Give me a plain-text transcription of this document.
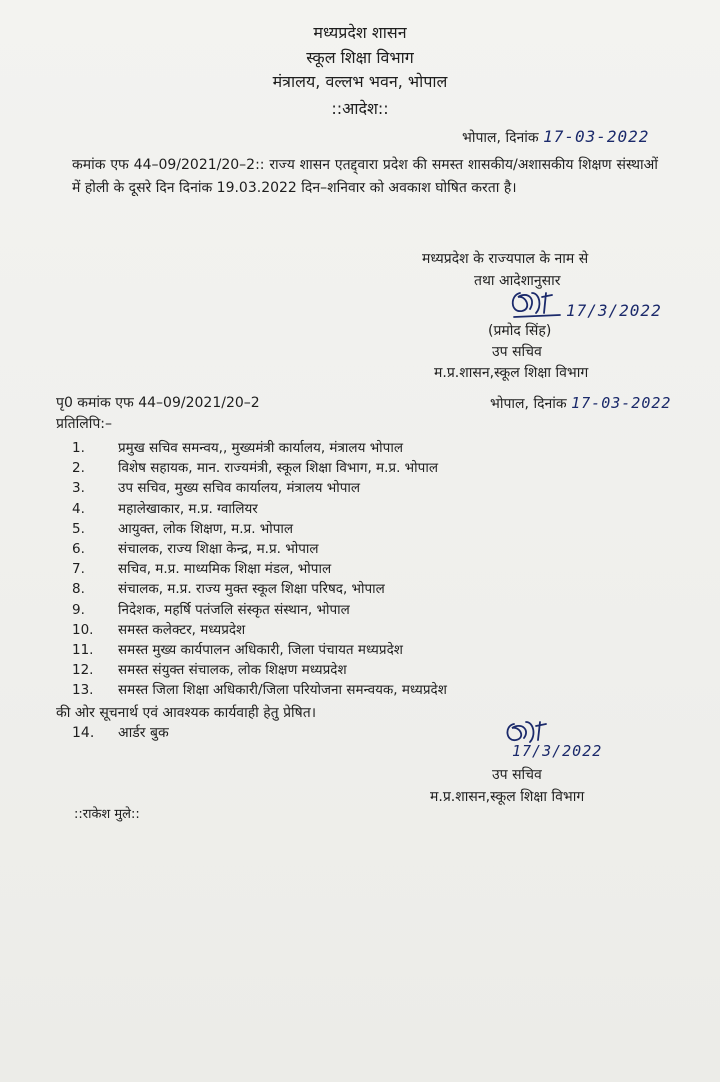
मध्यप्रदेश शासन
स्कूल शिक्षा विभाग
मंत्रालय, वल्लभ भवन, भोपाल
::आदेश::
भोपाल, दिनांक 17-03-2022
कमांक एफ 44–09/2021/20–2:: राज्य शासन एतद्द्वारा प्रदेश की समस्त शासकीय/अशासकीय शिक्षण संस्थाओं में होली के दूसरे दिन दिनांक 19.03.2022 दिन–शनिवार को अवकाश घोषित करता है।
मध्यप्रदेश के राज्यपाल के नाम से
तथा आदेशानुसार
17/3/2022
(प्रमोद सिंह)
उप सचिव
म.प्र.शासन,स्कूल शिक्षा विभाग
पृ0 कमांक एफ 44–09/2021/20–2	भोपाल, दिनांक 17-03-2022
प्रतिलिपि:–
1.	प्रमुख सचिव समन्वय,, मुख्यमंत्री कार्यालय, मंत्रालय भोपाल
2.	विशेष सहायक, मान. राज्यमंत्री, स्कूल शिक्षा विभाग, म.प्र. भोपाल
3.	उप सचिव, मुख्य सचिव कार्यालय, मंत्रालय भोपाल
4.	महालेखाकार, म.प्र. ग्वालियर
5.	आयुक्त, लोक शिक्षण, म.प्र. भोपाल
6.	संचालक, राज्य शिक्षा केन्द्र, म.प्र. भोपाल
7.	सचिव, म.प्र. माध्यमिक शिक्षा मंडल, भोपाल
8.	संचालक, म.प्र. राज्य मुक्त स्कूल शिक्षा परिषद, भोपाल
9.	निदेशक, महर्षि पतंजलि संस्कृत संस्थान, भोपाल
10.	समस्त कलेक्टर, मध्यप्रदेश
11.	समस्त मुख्य कार्यपालन अधिकारी, जिला पंचायत मध्यप्रदेश
12.	समस्त संयुक्त संचालक, लोक शिक्षण मध्यप्रदेश
13.	समस्त जिला शिक्षा अधिकारी/जिला परियोजना समन्वयक, मध्यप्रदेश
की ओर सूचनार्थ एवं आवश्यक कार्यवाही हेतु प्रेषित।
14. आर्डर बुक
17/3/2022
उप सचिव
म.प्र.शासन,स्कूल शिक्षा विभाग
::राकेश मुले::
